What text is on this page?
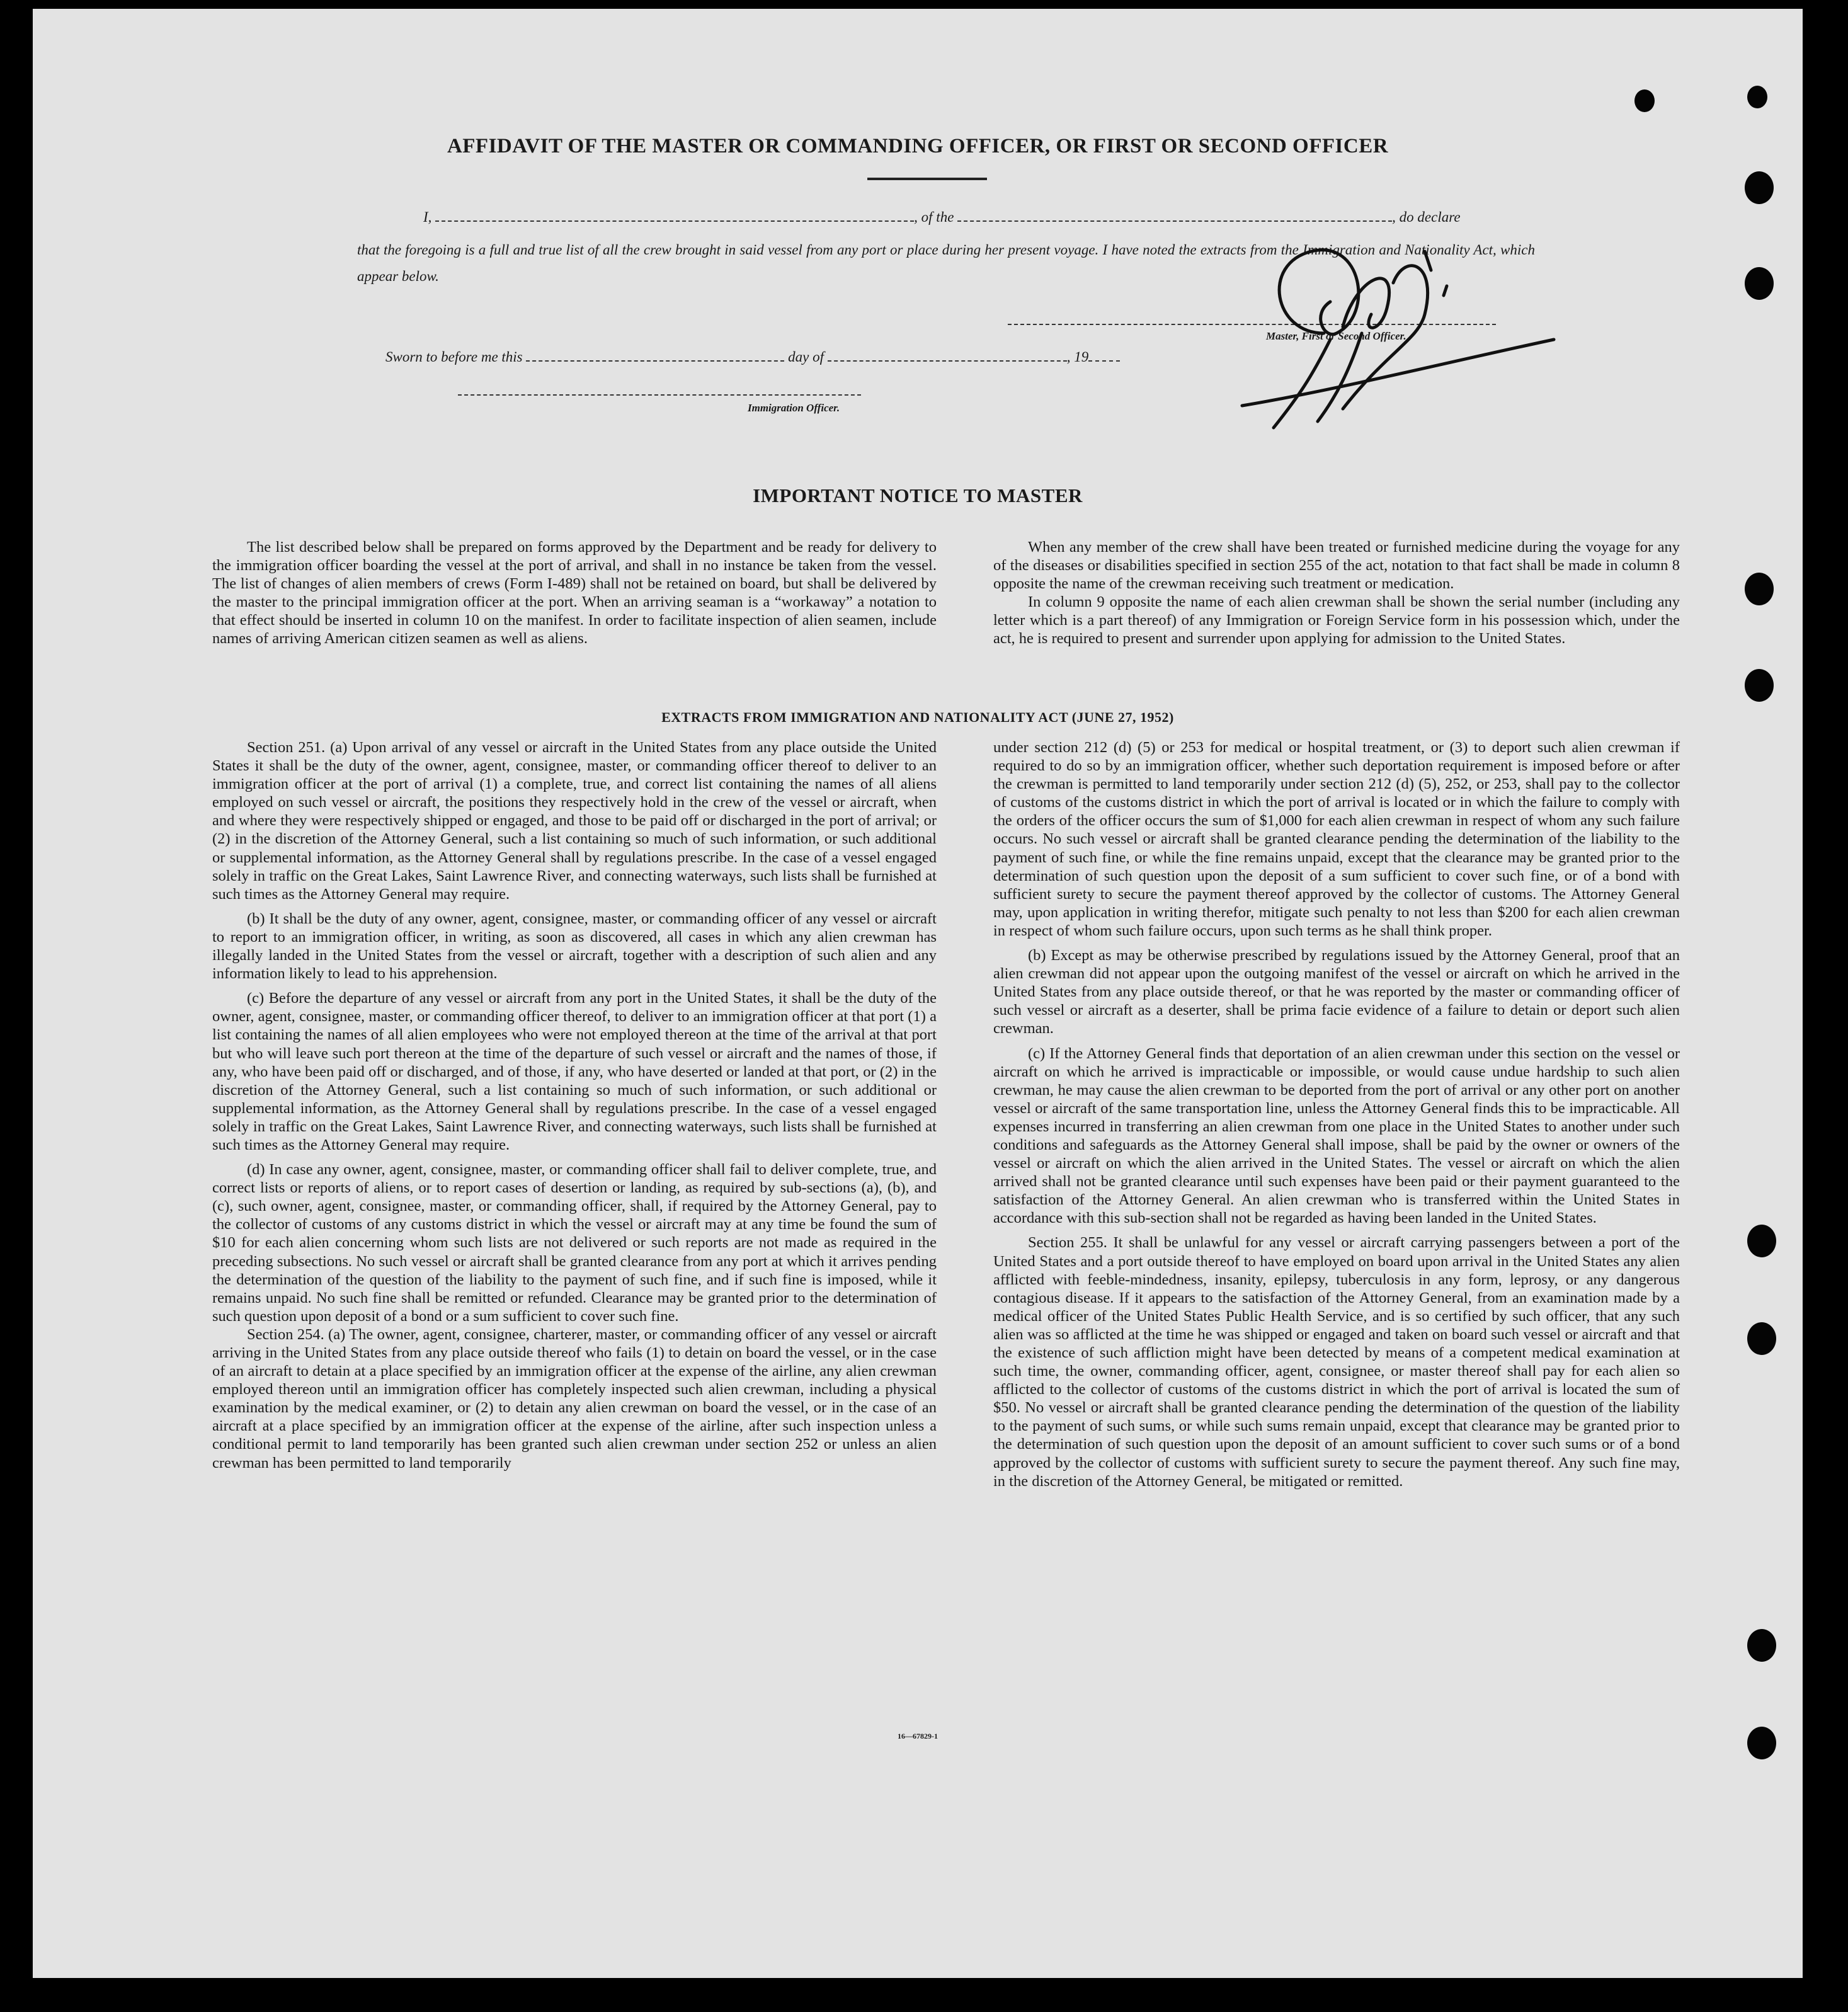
AFFIDAVIT OF THE MASTER OR COMMANDING OFFICER, OR FIRST OR SECOND OFFICER
I,	, of the	, do declare
that the foregoing is a full and true list of all the crew brought in said vessel from any port or place during her present voyage. I have noted the extracts from the Immigration and Nationality Act, which appear below.
Master, First or Second Officer.
Sworn to before me this	day of	, 19
Immigration Officer.
IMPORTANT NOTICE TO MASTER

The list described below shall be prepared on forms approved by the Department and be ready for delivery to the immigration officer boarding the vessel at the port of arrival, and shall in no instance be taken from the vessel. The list of changes of alien members of crews (Form I-489) shall not be retained on board, but shall be delivered by the master to the principal immigration officer at the port. When an arriving seaman is a “workaway” a notation to that effect should be inserted in column 10 on the manifest. In order to facilitate inspection of alien seamen, include names of arriving American citizen seamen as well as aliens.

When any member of the crew shall have been treated or furnished medicine during the voyage for any of the diseases or disabilities specified in section 255 of the act, notation to that fact shall be made in column 8 opposite the name of the crewman receiving such treatment or medication.

In column 9 opposite the name of each alien crewman shall be shown the serial number (including any letter which is a part thereof) of any Immigration or Foreign Service form in his possession which, under the act, he is required to present and surrender upon applying for admission to the United States.

EXTRACTS FROM IMMIGRATION AND NATIONALITY ACT (JUNE 27, 1952)

Section 251. (a) Upon arrival of any vessel or aircraft in the United States from any place outside the United States it shall be the duty of the owner, agent, consignee, master, or commanding officer thereof to deliver to an immigration officer at the port of arrival (1) a complete, true, and correct list containing the names of all aliens employed on such vessel or aircraft, the positions they respectively hold in the crew of the vessel or aircraft, when and where they were respectively shipped or engaged, and those to be paid off or discharged in the port of arrival; or (2) in the discretion of the Attorney General, such a list containing so much of such information, or such additional or supplemental information, as the Attorney General shall by regulations prescribe. In the case of a vessel engaged solely in traffic on the Great Lakes, Saint Lawrence River, and connecting waterways, such lists shall be furnished at such times as the Attorney General may require.

(b) It shall be the duty of any owner, agent, consignee, master, or commanding officer of any vessel or aircraft to report to an immigration officer, in writing, as soon as discovered, all cases in which any alien crewman has illegally landed in the United States from the vessel or aircraft, together with a description of such alien and any information likely to lead to his apprehension.

(c) Before the departure of any vessel or aircraft from any port in the United States, it shall be the duty of the owner, agent, consignee, master, or commanding officer thereof, to deliver to an immigration officer at that port (1) a list containing the names of all alien employees who were not employed thereon at the time of the arrival at that port but who will leave such port thereon at the time of the departure of such vessel or aircraft and the names of those, if any, who have been paid off or discharged, and of those, if any, who have deserted or landed at that port, or (2) in the discretion of the Attorney General, such a list containing so much of such information, or such additional or supplemental information, as the Attorney General shall by regulations prescribe. In the case of a vessel engaged solely in traffic on the Great Lakes, Saint Lawrence River, and connecting waterways, such lists shall be furnished at such times as the Attorney General may require.

(d) In case any owner, agent, consignee, master, or commanding officer shall fail to deliver complete, true, and correct lists or reports of aliens, or to report cases of desertion or landing, as required by sub-sections (a), (b), and (c), such owner, agent, consignee, master, or commanding officer, shall, if required by the Attorney General, pay to the collector of customs of any customs district in which the vessel or aircraft may at any time be found the sum of $10 for each alien concerning whom such lists are not delivered or such reports are not made as required in the preceding subsections. No such vessel or aircraft shall be granted clearance from any port at which it arrives pending the determination of the question of the liability to the payment of such fine, and if such fine is imposed, while it remains unpaid. No such fine shall be remitted or refunded. Clearance may be granted prior to the determination of such question upon deposit of a bond or a sum sufficient to cover such fine.

Section 254. (a) The owner, agent, consignee, charterer, master, or commanding officer of any vessel or aircraft arriving in the United States from any place outside thereof who fails (1) to detain on board the vessel, or in the case of an aircraft to detain at a place specified by an immigration officer at the expense of the airline, any alien crewman employed thereon until an immigration officer has completely inspected such alien crewman, including a physical examination by the medical examiner, or (2) to detain any alien crewman on board the vessel, or in the case of an aircraft at a place specified by an immigration officer at the expense of the airline, after such inspection unless a conditional permit to land temporarily has been granted such alien crewman under section 252 or unless an alien crewman has been permitted to land temporarily

under section 212 (d) (5) or 253 for medical or hospital treatment, or (3) to deport such alien crewman if required to do so by an immigration officer, whether such deportation requirement is imposed before or after the crewman is permitted to land temporarily under section 212 (d) (5), 252, or 253, shall pay to the collector of customs of the customs district in which the port of arrival is located or in which the failure to comply with the orders of the officer occurs the sum of $1,000 for each alien crewman in respect of whom any such failure occurs. No such vessel or aircraft shall be granted clearance pending the determination of the liability to the payment of such fine, or while the fine remains unpaid, except that the clearance may be granted prior to the determination of such question upon the deposit of a sum sufficient to cover such fine, or of a bond with sufficient surety to secure the payment thereof approved by the collector of customs. The Attorney General may, upon application in writing therefor, mitigate such penalty to not less than $200 for each alien crewman in respect of whom such failure occurs, upon such terms as he shall think proper.

(b) Except as may be otherwise prescribed by regulations issued by the Attorney General, proof that an alien crewman did not appear upon the outgoing manifest of the vessel or aircraft on which he arrived in the United States from any place outside thereof, or that he was reported by the master or commanding officer of such vessel or aircraft as a deserter, shall be prima facie evidence of a failure to detain or deport such alien crewman.

(c) If the Attorney General finds that deportation of an alien crewman under this section on the vessel or aircraft on which he arrived is impracticable or impossible, or would cause undue hardship to such alien crewman, he may cause the alien crewman to be deported from the port of arrival or any other port on another vessel or aircraft of the same transportation line, unless the Attorney General finds this to be impracticable. All expenses incurred in transferring an alien crewman from one place in the United States to another under such conditions and safeguards as the Attorney General shall impose, shall be paid by the owner or owners of the vessel or aircraft on which the alien arrived in the United States. The vessel or aircraft on which the alien arrived shall not be granted clearance until such expenses have been paid or their payment guaranteed to the satisfaction of the Attorney General. An alien crewman who is transferred within the United States in accordance with this sub-section shall not be regarded as having been landed in the United States.

Section 255. It shall be unlawful for any vessel or aircraft carrying passengers between a port of the United States and a port outside thereof to have employed on board upon arrival in the United States any alien afflicted with feeble-mindedness, insanity, epilepsy, tuberculosis in any form, leprosy, or any dangerous contagious disease. If it appears to the satisfaction of the Attorney General, from an examination made by a medical officer of the United States Public Health Service, and is so certified by such officer, that any such alien was so afflicted at the time he was shipped or engaged and taken on board such vessel or aircraft and that the existence of such affliction might have been detected by means of a competent medical examination at such time, the owner, commanding officer, agent, consignee, or master thereof shall pay for each alien so afflicted to the collector of customs of the customs district in which the port of arrival is located the sum of $50. No vessel or aircraft shall be granted clearance pending the determination of the question of the liability to the payment of such sums, or while such sums remain unpaid, except that clearance may be granted prior to the determination of such question upon the deposit of an amount sufficient to cover such sums or of a bond approved by the collector of customs with sufficient surety to secure the payment thereof. Any such fine may, in the discretion of the Attorney General, be mitigated or remitted.

16—67829-1
